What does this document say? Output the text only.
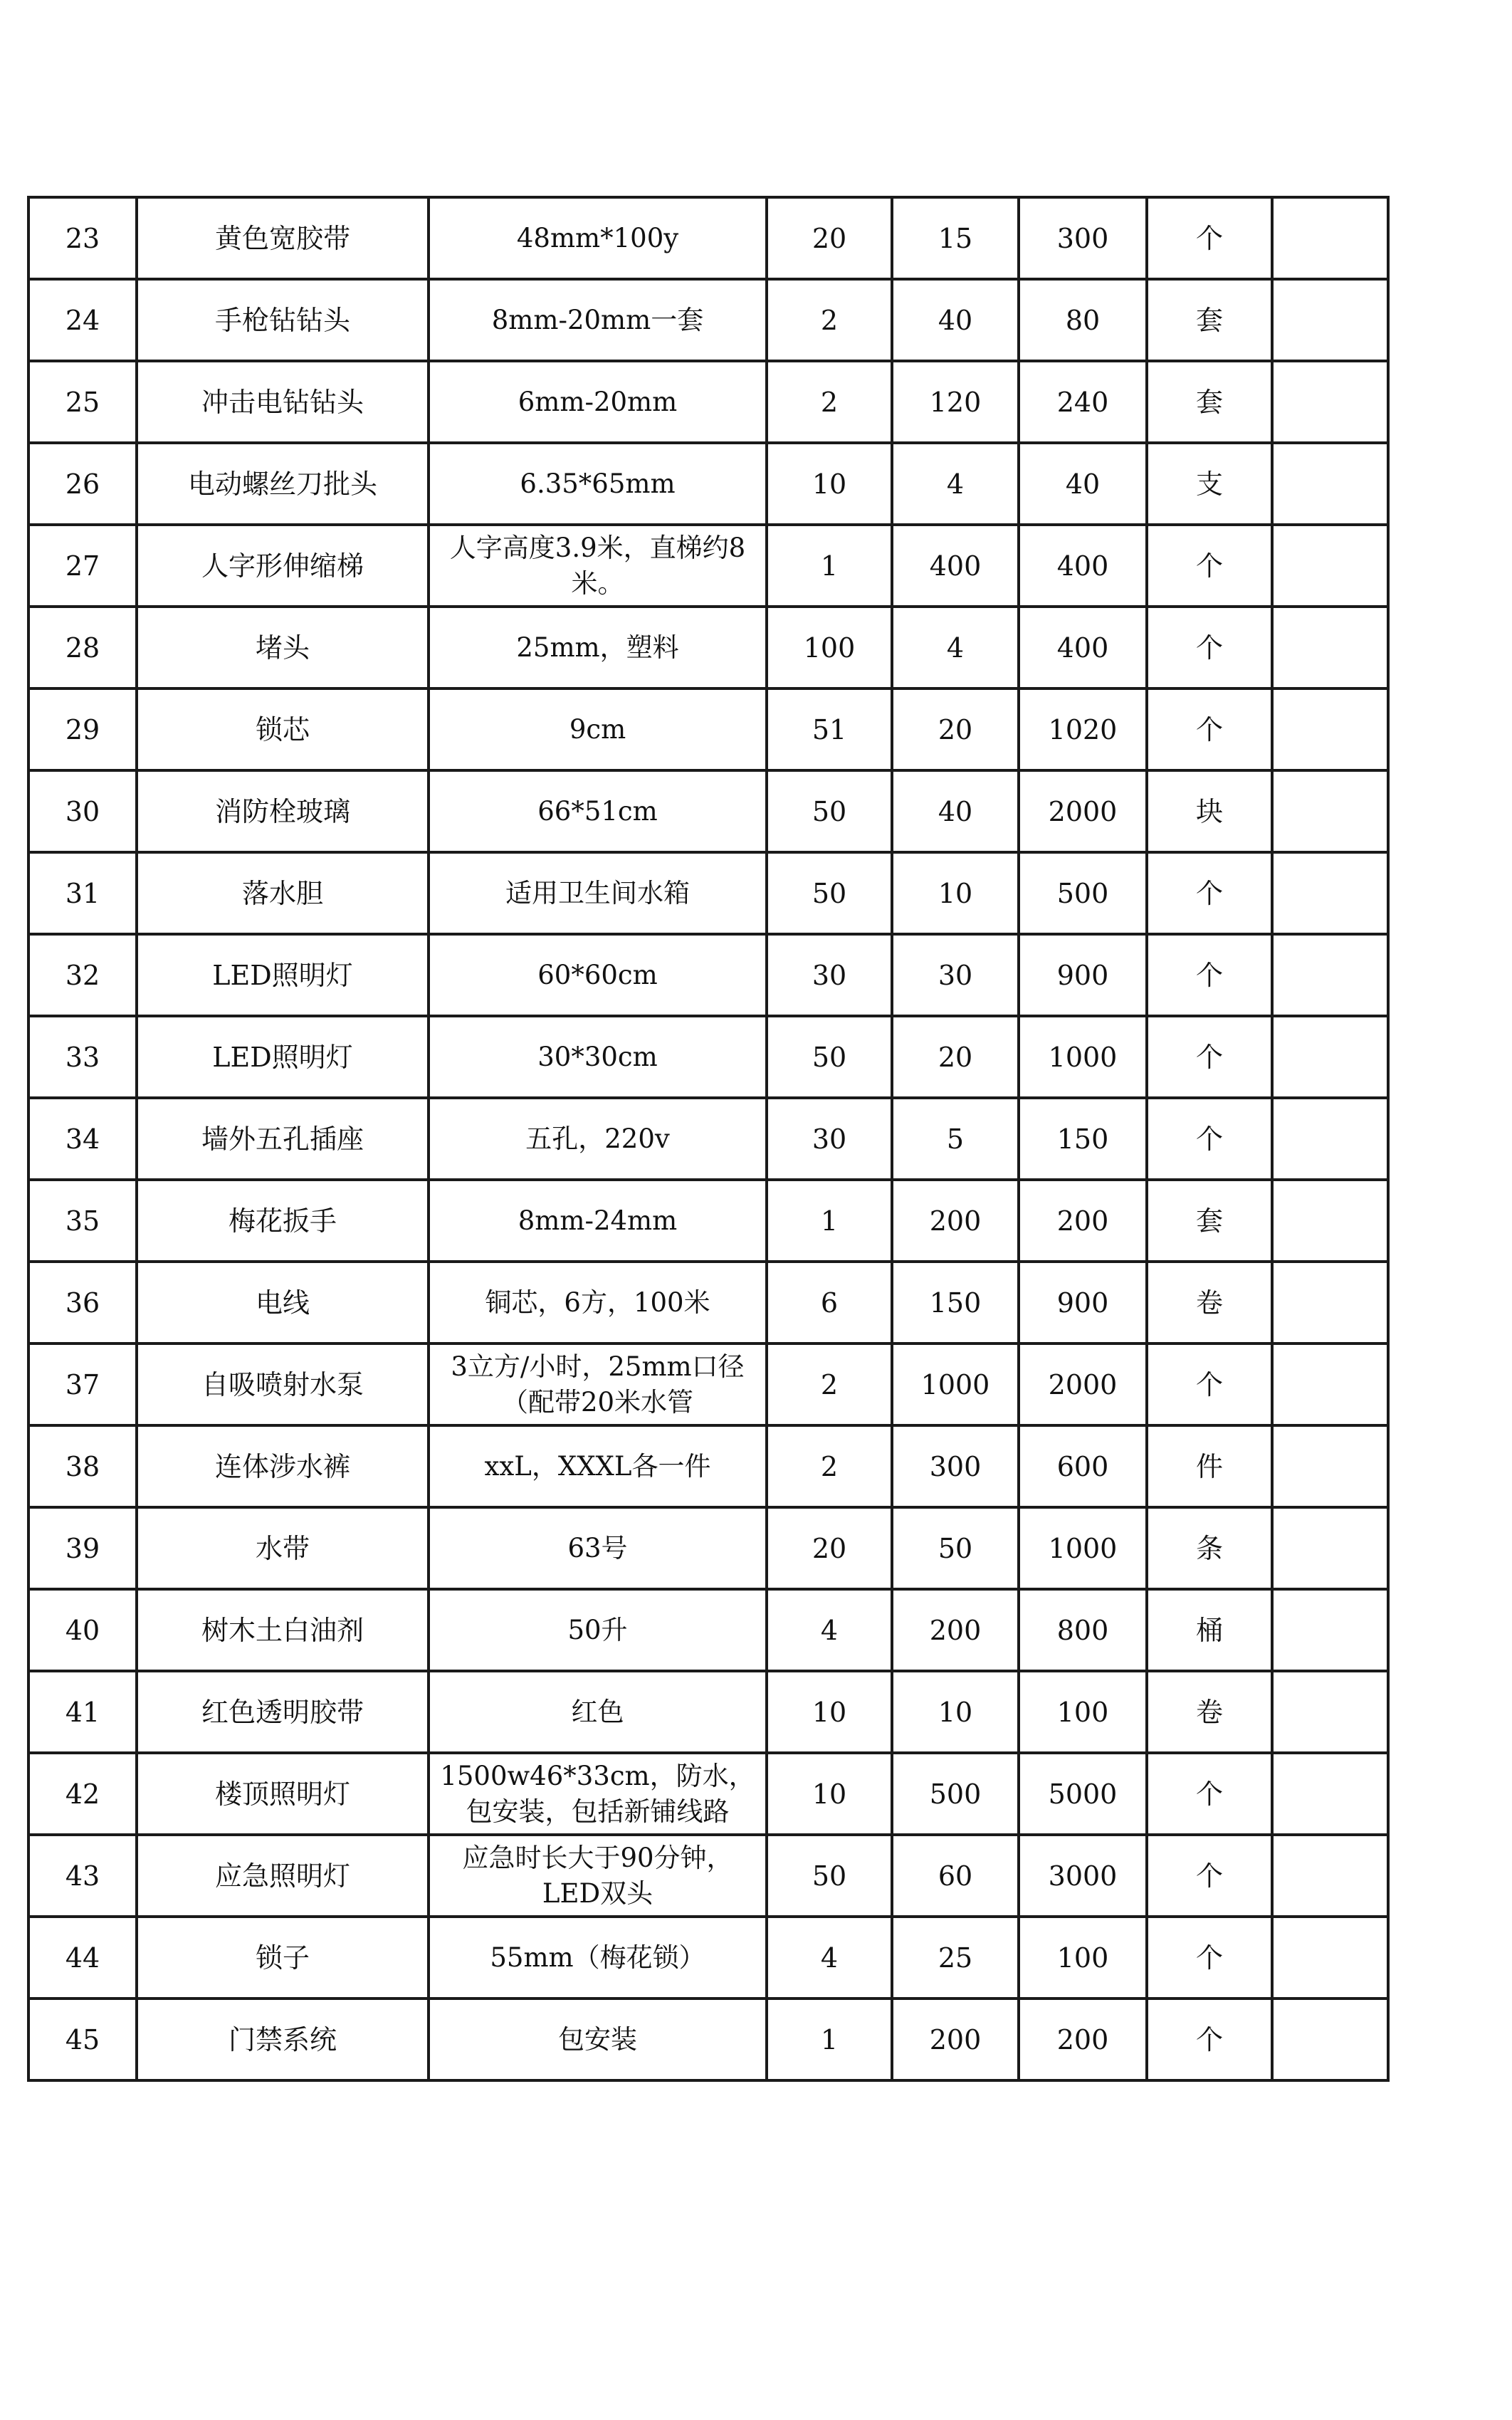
23	黄色宽胶带	48mm*100y	20	15	300	个	
24	手枪钻钻头	8mm-20mm一套	2	40	80	套	
25	冲击电钻钻头	6mm-20mm	2	120	240	套	
26	电动螺丝刀批头	6.35*65mm	10	4	40	支	
27	人字形伸缩梯	人字高度3.9米，直梯约8米。	1	400	400	个	
28	堵头	25mm，塑料	100	4	400	个	
29	锁芯	9cm	51	20	1020	个	
30	消防栓玻璃	66*51cm	50	40	2000	块	
31	落水胆	适用卫生间水箱	50	10	500	个	
32	LED照明灯	60*60cm	30	30	900	个	
33	LED照明灯	30*30cm	50	20	1000	个	
34	墙外五孔插座	五孔，220v	30	5	150	个	
35	梅花扳手	8mm-24mm	1	200	200	套	
36	电线	铜芯，6方，100米	6	150	900	卷	
37	自吸喷射水泵	3立方/小时，25mm口径（配带20米水管	2	1000	2000	个	
38	连体涉水裤	xxL，XXXL各一件	2	300	600	件	
39	水带	63号	20	50	1000	条	
40	树木土白油剂	50升	4	200	800	桶	
41	红色透明胶带	红色	10	10	100	卷	
42	楼顶照明灯	1500w46*33cm，防水，包安装，包括新铺线路	10	500	5000	个	
43	应急照明灯	应急时长大于90分钟，LED双头	50	60	3000	个	
44	锁子	55mm（梅花锁）	4	25	100	个	
45	门禁系统	包安装	1	200	200	个	
